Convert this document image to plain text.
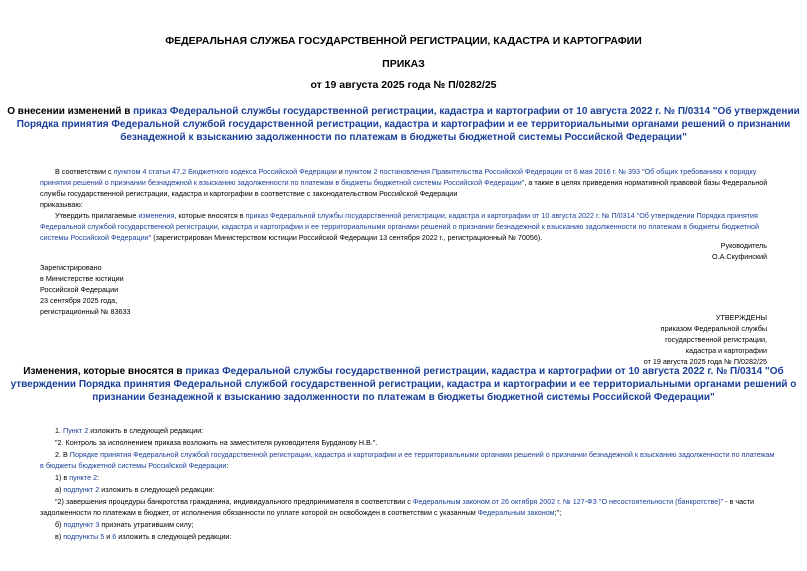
ФЕДЕРАЛЬНАЯ СЛУЖБА ГОСУДАРСТВЕННОЙ РЕГИСТРАЦИИ, КАДАСТРА И КАРТОГРАФИИ
ПРИКАЗ
от 19 августа 2025 года № П/0282/25
О внесении изменений в приказ Федеральной службы государственной регистрации, кадастра и картографии от 10 августа 2022 г. № П/0314 "Об утверждении
Порядка принятия Федеральной службой государственной регистрации, кадастра и картографии и ее территориальными органами решений о признании
безнадежной к взысканию задолженности по платежам в бюджеты бюджетной системы Российской Федерации"
В соответствии с пунктом 4 статьи 47.2 Бюджетного кодекса Российской Федерации и пунктом 2 постановления Правительства Российской Федерации от 6 мая 2016 г. № 393 "Об общих требованиях к порядку
принятия решений о признании безнадежной к взысканию задолженности по платежам в бюджеты бюджетной системы Российской Федерации", а также в целях приведения нормативной правовой базы Федеральной
службы государственной регистрации, кадастра и картографии в соответствие с законодательством Российской Федерации
приказываю:
Утвердить прилагаемые изменения, которые вносятся в приказ Федеральной службы государственной регистрации, кадастра и картографии от 10 августа 2022 г. № П/0314 "Об утверждении Порядка принятия
Федеральной службой государственной регистрации, кадастра и картографии и ее территориальными органами решений о признании безнадежной к взысканию задолженности по платежам в бюджеты бюджетной
системы Российской Федерации" (зарегистрирован Министерством юстиции Российской Федерации 13 сентября 2022 г., регистрационный № 70056).
Руководитель
О.А.Скуфинский
Зарегистрировано
в Министерстве юстиции
Российской Федерации
23 сентября 2025 года,
регистрационный № 83633
УТВЕРЖДЕНЫ
приказом Федеральной службы
государственной регистрации,
кадастра и картографии
от 19 августа 2025 года № П/0282/25
Изменения, которые вносятся в приказ Федеральной службы государственной регистрации, кадастра и картографии от 10 августа 2022 г. № П/0314 "Об
утверждении Порядка принятия Федеральной службой государственной регистрации, кадастра и картографии и ее территориальными органами решений о
признании безнадежной к взысканию задолженности по платежам в бюджеты бюджетной системы Российской Федерации"
1. Пункт 2 изложить в следующей редакции:
"2. Контроль за исполнением приказа возложить на заместителя руководителя Бурданову Н.В.".
2. В Порядке принятия Федеральной службой государственной регистрации, кадастра и картографии и ее территориальными органами решений о признании безнадежной к взысканию задолженности по платежам
в бюджеты бюджетной системы Российской Федерации:
1) в пункте 2:
а) подпункт 2 изложить в следующей редакции:
"2) завершения процедуры банкротства гражданина, индивидуального предпринимателя в соответствии с Федеральным законом от 26 октября 2002 г. № 127-ФЗ "О несостоятельности (банкротстве)" - в части
задолженности по платежам в бюджет, от исполнения обязанности по уплате которой он освобожден в соответствии с указанным Федеральным законом;";
б) подпункт 3 признать утратившим силу;
в) подпункты 5 и 6 изложить в следующей редакции:
